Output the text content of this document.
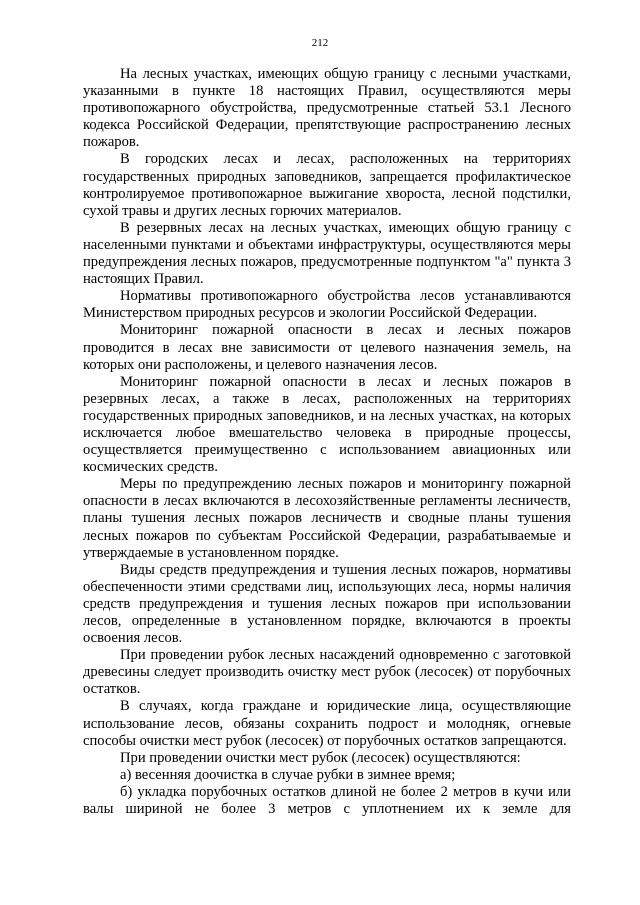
212

На лесных участках, имеющих общую границу с лесными участками, указанными в пункте 18 настоящих Правил, осуществляются меры противопожарного обустройства, предусмотренные статьей 53.1 Лесного кодекса Российской Федерации, препятствующие распространению лесных пожаров.

В городских лесах и лесах, расположенных на территориях государственных природных заповедников, запрещается профилактическое контролируемое противопожарное выжигание хвороста, лесной подстилки, сухой травы и других лесных горючих материалов.

В резервных лесах на лесных участках, имеющих общую границу с населенными пунктами и объектами инфраструктуры, осуществляются меры предупреждения лесных пожаров, предусмотренные подпунктом "а" пункта 3 настоящих Правил.

Нормативы противопожарного обустройства лесов устанавливаются Министерством природных ресурсов и экологии Российской Федерации.

Мониторинг пожарной опасности в лесах и лесных пожаров проводится в лесах вне зависимости от целевого назначения земель, на которых они расположены, и целевого назначения лесов.

Мониторинг пожарной опасности в лесах и лесных пожаров в резервных лесах, а также в лесах, расположенных на территориях государственных природных заповедников, и на лесных участках, на которых исключается любое вмешательство человека в природные процессы, осуществляется преимущественно с использованием авиационных или космических средств.

Меры по предупреждению лесных пожаров и мониторингу пожарной опасности в лесах включаются в лесохозяйственные регламенты лесничеств, планы тушения лесных пожаров лесничеств и сводные планы тушения лесных пожаров по субъектам Российской Федерации, разрабатываемые и утверждаемые в установленном порядке.

Виды средств предупреждения и тушения лесных пожаров, нормативы обеспеченности этими средствами лиц, использующих леса, нормы наличия средств предупреждения и тушения лесных пожаров при использовании лесов, определенные в установленном порядке, включаются в проекты освоения лесов.

При проведении рубок лесных насаждений одновременно с заготовкой древесины следует производить очистку мест рубок (лесосек) от порубочных остатков.

В случаях, когда граждане и юридические лица, осуществляющие использование лесов, обязаны сохранить подрост и молодняк, огневые способы очистки мест рубок (лесосек) от порубочных остатков запрещаются.

При проведении очистки мест рубок (лесосек) осуществляются:

а) весенняя доочистка в случае рубки в зимнее время;

б) укладка порубочных остатков длиной не более 2 метров в кучи или валы шириной не более 3 метров с уплотнением их к земле для
